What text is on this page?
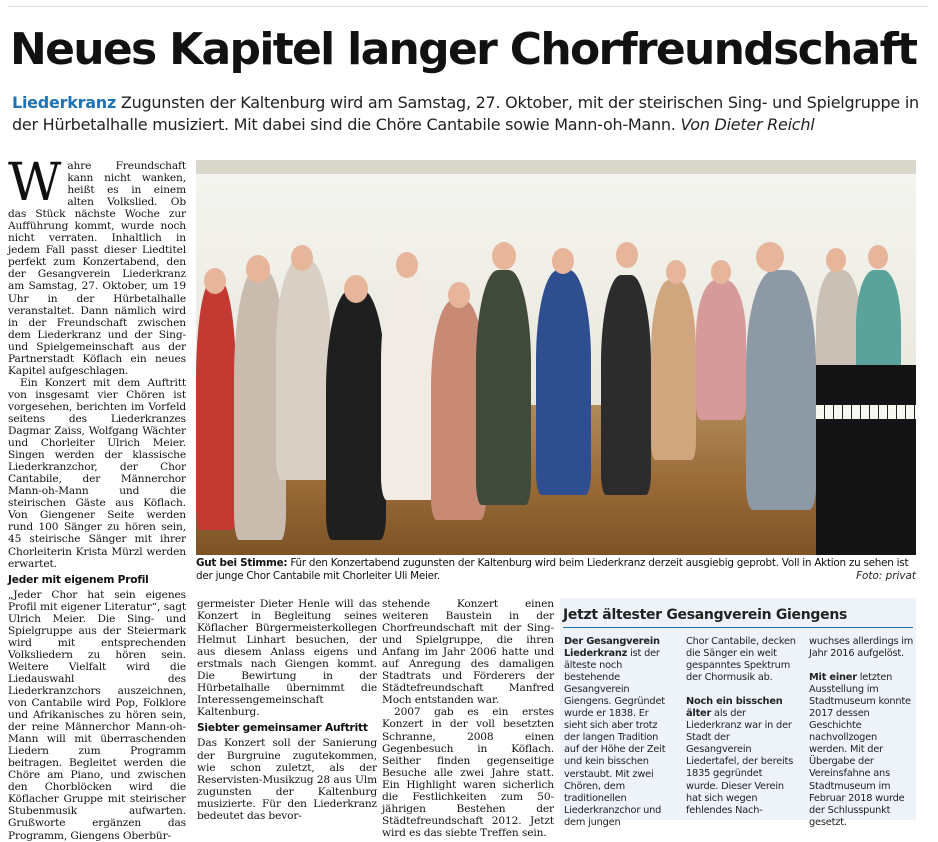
Neues Kapitel langer Chorfreundschaft
Liederkranz Zugunsten der Kaltenburg wird am Samstag, 27. Oktober, mit der steirischen Sing- und Spielgruppe in der Hürbetalhalle musiziert. Mit dabei sind die Chöre Cantabile sowie Mann-oh-Mann. Von Dieter Reichl
W ahre Freundschaft kann nicht wanken, heißt es in einem alten Volkslied. Ob das Stück nächste Woche zur Aufführung kommt, wurde noch nicht verraten. Inhaltlich in jedem Fall passt dieser Liedtitel perfekt zum Konzertabend, den der Gesangverein Liederkranz am Samstag, 27. Oktober, um 19 Uhr in der Hürbetalhalle veranstaltet. Dann nämlich wird in der Freundschaft zwischen dem Liederkranz und der Sing- und Spielgemeinschaft aus der Partnerstadt Köflach ein neues Kapitel aufgeschlagen.

Ein Konzert mit dem Auftritt von insgesamt vier Chören ist vorgesehen, berichten im Vorfeld seitens des Liederkranzes Dagmar Zaiss, Wolfgang Wächter und Chorleiter Ulrich Meier. Singen werden der klassische Liederkranzchor, der Chor Cantabile, der Männerchor Mann-oh-Mann und die steirischen Gäste aus Köflach. Von Giengener Seite werden rund 100 Sänger zu hören sein, 45 steirische Sänger mit ihrer Chorleiterin Krista Mürzl werden erwartet.

Jeder mit eigenem Profil

„Jeder Chor hat sein eigenes Profil mit eigener Literatur“, sagt Ulrich Meier. Die Sing- und Spielgruppe aus der Steiermark wird mit entsprechenden Volksliedern zu hören sein. Weitere Vielfalt wird die Liedauswahl des Liederkranzchors auszeichnen, von Cantabile wird Pop, Folklore und Afrikanisches zu hören sein, der reine Männerchor Mann-oh-Mann will mit überraschenden Liedern zum Programm beitragen. Begleitet werden die Chöre am Piano, und zwischen den Chorblöcken wird die Köflacher Gruppe mit steirischer Stubenmusik aufwarten. Grußworte ergänzen das Programm, Giengens Oberbür-

Gut bei Stimme: Für den Konzertabend zugunsten der Kaltenburg wird beim Liederkranz derzeit ausgiebig geprobt. Voll in Aktion zu sehen ist der junge Chor Cantabile mit Chorleiter Uli Meier.	Foto: privat

germeister Dieter Henle will das Konzert in Begleitung seines Köflacher Bürgermeisterkollegen Helmut Linhart besuchen, der aus diesem Anlass eigens und erstmals nach Giengen kommt. Die Bewirtung in der Hürbetalhalle übernimmt die Interessengemeinschaft Kaltenburg.

Siebter gemeinsamer Auftritt

Das Konzert soll der Sanierung der Burgruine zugutekommen, wie schon zuletzt, als der Reservisten-Musikzug 28 aus Ulm zugunsten der Kaltenburg musizierte. Für den Liederkranz bedeutet das bevor-

stehende Konzert einen weiteren Baustein in der Chorfreundschaft mit der Sing- und Spielgruppe, die ihren Anfang im Jahr 2006 hatte und auf Anregung des damaligen Stadtrats und Förderers der Städtefreundschaft Manfred Moch entstanden war.

2007 gab es ein erstes Konzert in der voll besetzten Schranne, 2008 einen Gegenbesuch in Köflach. Seither finden gegenseitige Besuche alle zwei Jahre statt. Ein Highlight waren sicherlich die Festlichkeiten zum 50-jährigen Bestehen der Städtefreundschaft 2012. Jetzt wird es das siebte Treffen sein.

Jetzt ältester Gesangverein Giengens
Der Gesangverein Liederkranz ist der älteste noch bestehende Gesangverein Giengens. Gegründet wurde er 1838. Er sieht sich aber trotz der langen Tradition auf der Höhe der Zeit und kein bisschen verstaubt. Mit zwei Chören, dem traditionellen Liederkranzchor und dem jungen
Chor Cantabile, decken die Sänger ein weit gespanntes Spektrum der Chormusik ab.
Noch ein bisschen älter als der Liederkranz war in der Stadt der Gesangverein Liedertafel, der bereits 1835 gegründet wurde. Dieser Verein hat sich wegen fehlendes Nach-
wuchses allerdings im Jahr 2016 aufgelöst.
Mit einer letzten Ausstellung im Stadtmuseum konnte 2017 dessen Geschichte nachvollzogen werden. Mit der Übergabe der Vereinsfahne ans Stadtmuseum im Februar 2018 wurde der Schlusspunkt gesetzt.
